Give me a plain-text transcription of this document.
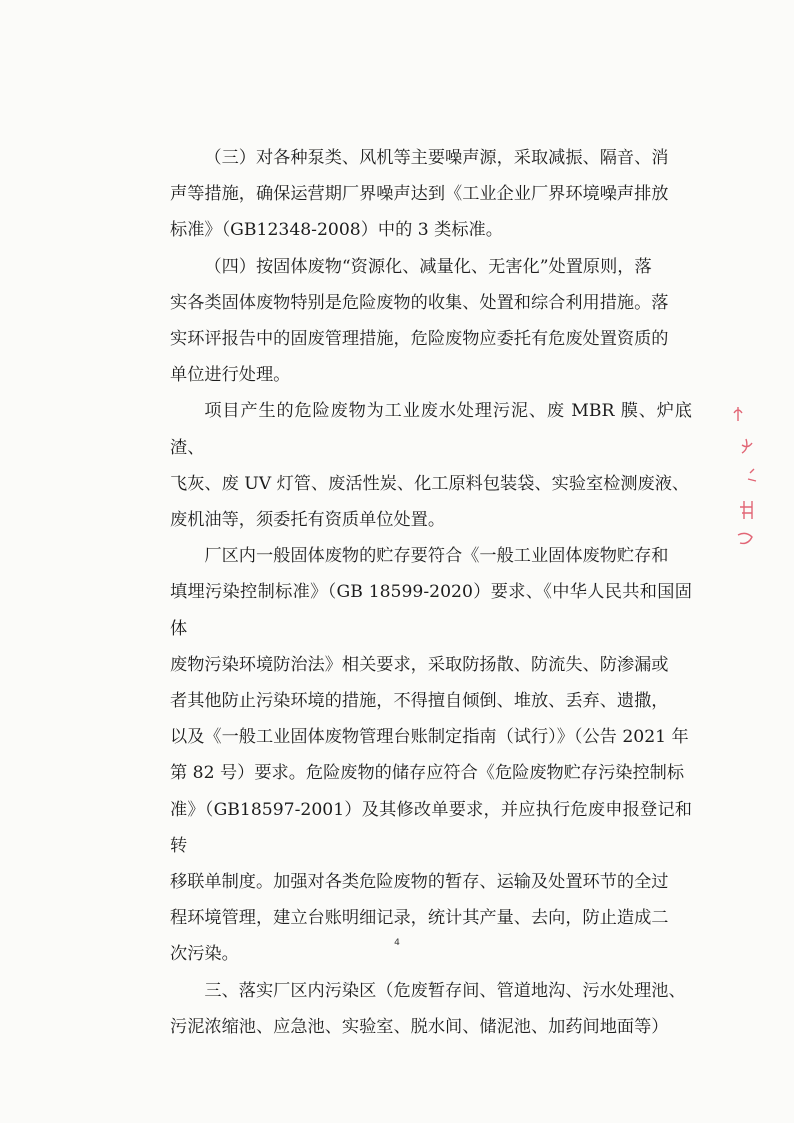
（三）对各种泵类、风机等主要噪声源，采取减振、隔音、消
声等措施，确保运营期厂界噪声达到《工业企业厂界环境噪声排放
标准》（GB12348-2008）中的 3 类标准。

（四）按固体废物“资源化、减量化、无害化”处置原则，落
实各类固体废物特别是危险废物的收集、处置和综合利用措施。落
实环评报告中的固废管理措施，危险废物应委托有危废处置资质的
单位进行处理。

项目产生的危险废物为工业废水处理污泥、废 MBR 膜、炉底渣、
飞灰、废 UV 灯管、废活性炭、化工原料包装袋、实验室检测废液、
废机油等，须委托有资质单位处置。

厂区内一般固体废物的贮存要符合《一般工业固体废物贮存和
填埋污染控制标准》（GB 18599-2020）要求、《中华人民共和国固体
废物污染环境防治法》相关要求，采取防扬散、防流失、防渗漏或
者其他防止污染环境的措施，不得擅自倾倒、堆放、丢弃、遗撒，
以及《一般工业固体废物管理台账制定指南（试行）》（公告 2021 年
第 82 号）要求。危险废物的储存应符合《危险废物贮存污染控制标
准》（GB18597-2001）及其修改单要求，并应执行危废申报登记和转
移联单制度。加强对各类危险废物的暂存、运输及处置环节的全过
程环境管理，建立台账明细记录，统计其产量、去向，防止造成二
次污染。

三、落实厂区内污染区（危废暂存间、管道地沟、污水处理池、
污泥浓缩池、应急池、实验室、脱水间、储泥池、加药间地面等）

4
